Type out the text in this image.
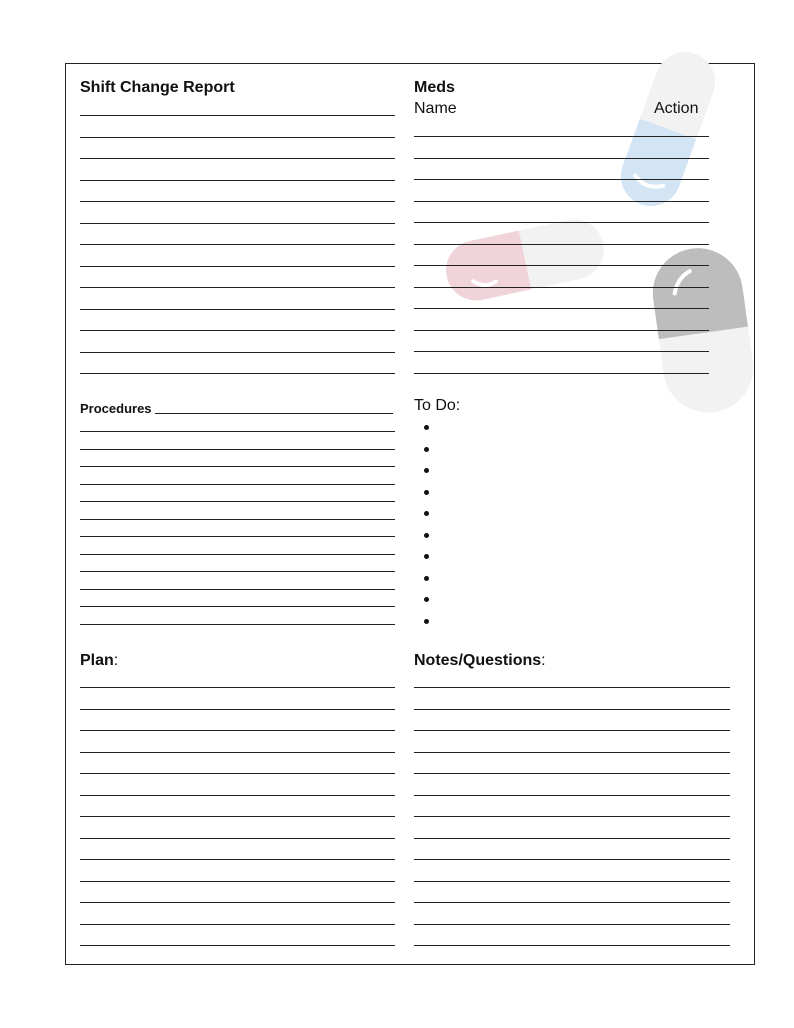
Shift Change Report	Meds
Name	Action
Procedures	To Do:
Plan:	Notes/Questions:
